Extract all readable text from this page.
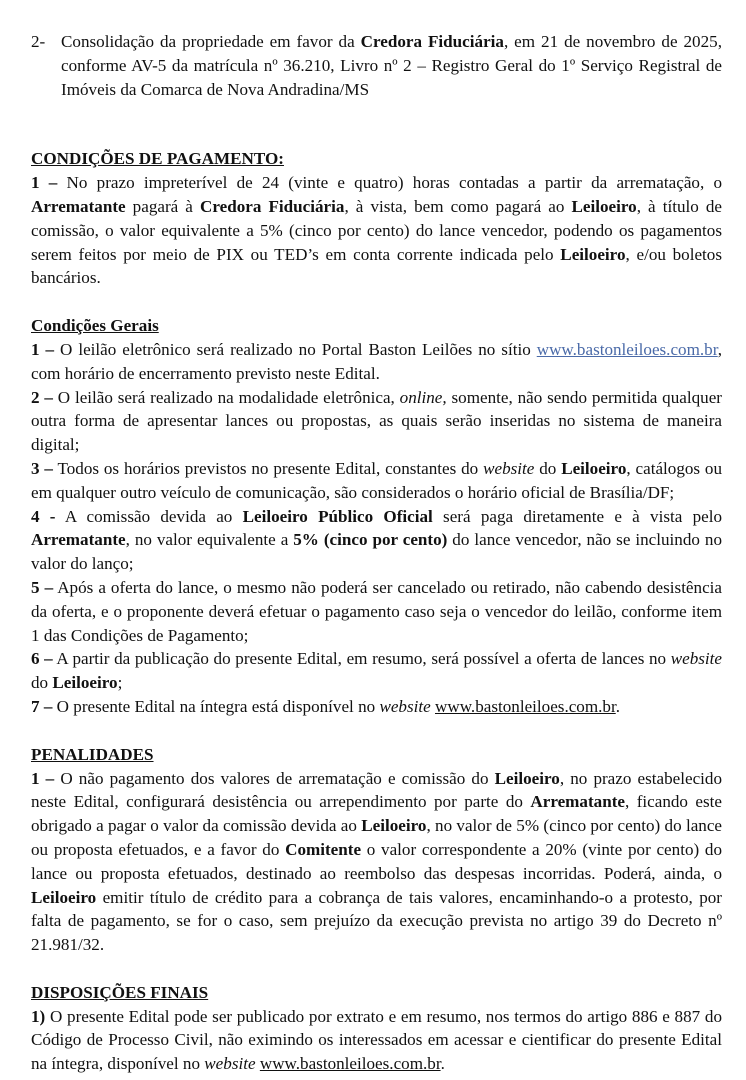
2- Consolidação da propriedade em favor da Credora Fiduciária, em 21 de novembro de 2025, conforme AV-5 da matrícula nº 36.210, Livro nº 2 – Registro Geral do 1º Serviço Registral de Imóveis da Comarca de Nova Andradina/MS
CONDIÇÕES DE PAGAMENTO:

1 – No prazo impreterível de 24 (vinte e quatro) horas contadas a partir da arrematação, o Arrematante pagará à Credora Fiduciária, à vista, bem como pagará ao Leiloeiro, à título de comissão, o valor equivalente a 5% (cinco por cento) do lance vencedor, podendo os pagamentos serem feitos por meio de PIX ou TED’s em conta corrente indicada pelo Leiloeiro, e/ou boletos bancários.

Condições Gerais

1 – O leilão eletrônico será realizado no Portal Baston Leilões no sítio www.bastonleiloes.com.br, com horário de encerramento previsto neste Edital.

2 – O leilão será realizado na modalidade eletrônica, online, somente, não sendo permitida qualquer outra forma de apresentar lances ou propostas, as quais serão inseridas no sistema de maneira digital;

3 – Todos os horários previstos no presente Edital, constantes do website do Leiloeiro, catálogos ou em qualquer outro veículo de comunicação, são considerados o horário oficial de Brasília/DF;

4 - A comissão devida ao Leiloeiro Público Oficial será paga diretamente e à vista pelo Arrematante, no valor equivalente a 5% (cinco por cento) do lance vencedor, não se incluindo no valor do lanço;

5 – Após a oferta do lance, o mesmo não poderá ser cancelado ou retirado, não cabendo desistência da oferta, e o proponente deverá efetuar o pagamento caso seja o vencedor do leilão, conforme item 1 das Condições de Pagamento;

6 – A partir da publicação do presente Edital, em resumo, será possível a oferta de lances no website do Leiloeiro;

7 – O presente Edital na íntegra está disponível no website www.bastonleiloes.com.br.

PENALIDADES

1 – O não pagamento dos valores de arrematação e comissão do Leiloeiro, no prazo estabelecido neste Edital, configurará desistência ou arrependimento por parte do Arrematante, ficando este obrigado a pagar o valor da comissão devida ao Leiloeiro, no valor de 5% (cinco por cento) do lance ou proposta efetuados, e a favor do Comitente o valor correspondente a 20% (vinte por cento) do lance ou proposta efetuados, destinado ao reembolso das despesas incorridas. Poderá, ainda, o Leiloeiro emitir título de crédito para a cobrança de tais valores, encaminhando-o a protesto, por falta de pagamento, se for o caso, sem prejuízo da execução prevista no artigo 39 do Decreto nº 21.981/32.

DISPOSIÇÕES FINAIS

1) O presente Edital pode ser publicado por extrato e em resumo, nos termos do artigo 886 e 887 do Código de Processo Civil, não eximindo os interessados em acessar e cientificar do presente Edital na íntegra, disponível no website www.bastonleiloes.com.br.
